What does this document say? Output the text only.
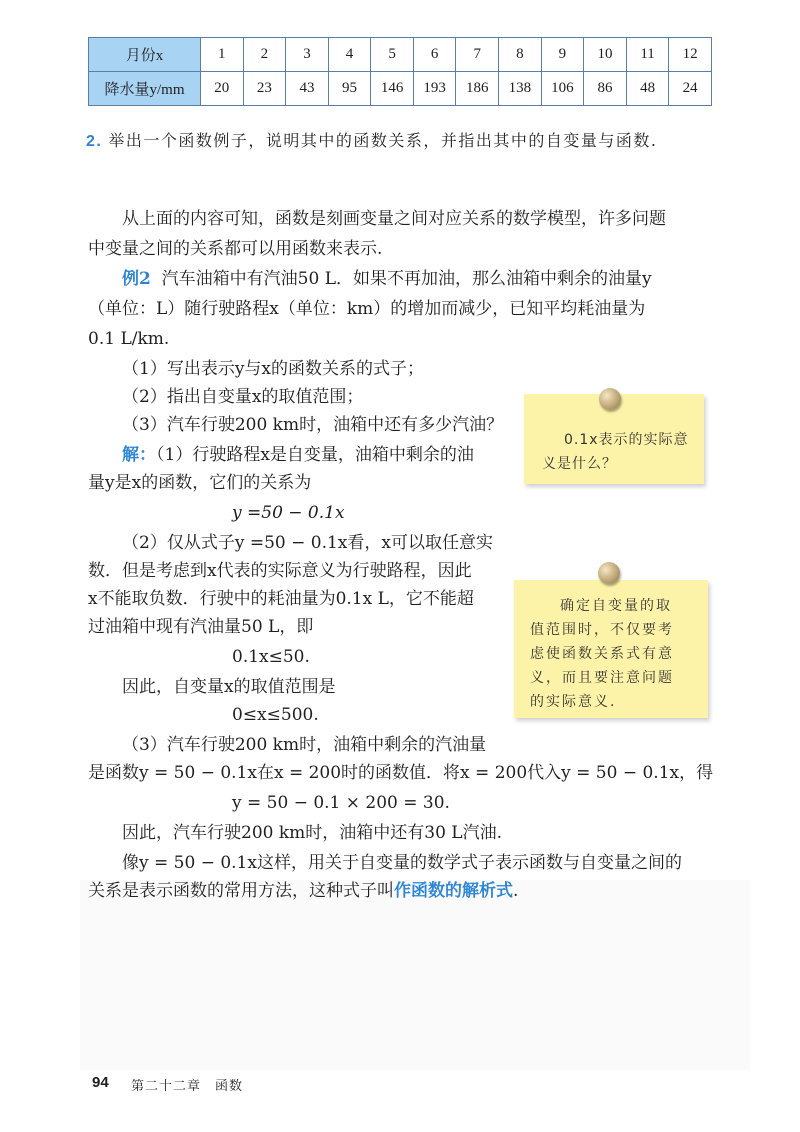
月份x	1	2	3	4	5	6	7	8	9	10	11	12
降水量y/mm	20	23	43	95	146	193	186	138	106	86	48	24
2. 举出一个函数例子，说明其中的函数关系，并指出其中的自变量与函数.
从上面的内容可知，函数是刻画变量之间对应关系的数学模型，许多问题
中变量之间的关系都可以用函数来表示.
例2 汽车油箱中有汽油50 L．如果不再加油，那么油箱中剩余的油量y
（单位：L）随行驶路程x（单位：km）的增加而减少，已知平均耗油量为
0.1 L/km.
（1）写出表示y与x的函数关系的式子；
（2）指出自变量x的取值范围；
（3）汽车行驶200 km时，油箱中还有多少汽油？
解：（1）行驶路程x是自变量，油箱中剩余的油
量y是x的函数，它们的关系为
y =50 − 0.1x
（2）仅从式子y =50 − 0.1x看，x可以取任意实
数．但是考虑到x代表的实际意义为行驶路程，因此
x不能取负数．行驶中的耗油量为0.1x L，它不能超
过油箱中现有汽油量50 L，即
0.1x≤50.
因此，自变量x的取值范围是
0≤x≤500.
（3）汽车行驶200 km时，油箱中剩余的汽油量
是函数y = 50 − 0.1x在x = 200时的函数值．将x = 200代入y = 50 − 0.1x，得
y = 50 − 0.1 × 200 = 30.
因此，汽车行驶200 km时，油箱中还有30 L汽油.
像y = 50 − 0.1x这样，用关于自变量的数学式子表示函数与自变量之间的
关系是表示函数的常用方法，这种式子叫作函数的解析式.
0.1x表示的实际意
义是什么？
确定自变量的取
值范围时，不仅要考
虑使函数关系式有意
义，而且要注意问题
的实际意义.
94 第二十二章　函数
